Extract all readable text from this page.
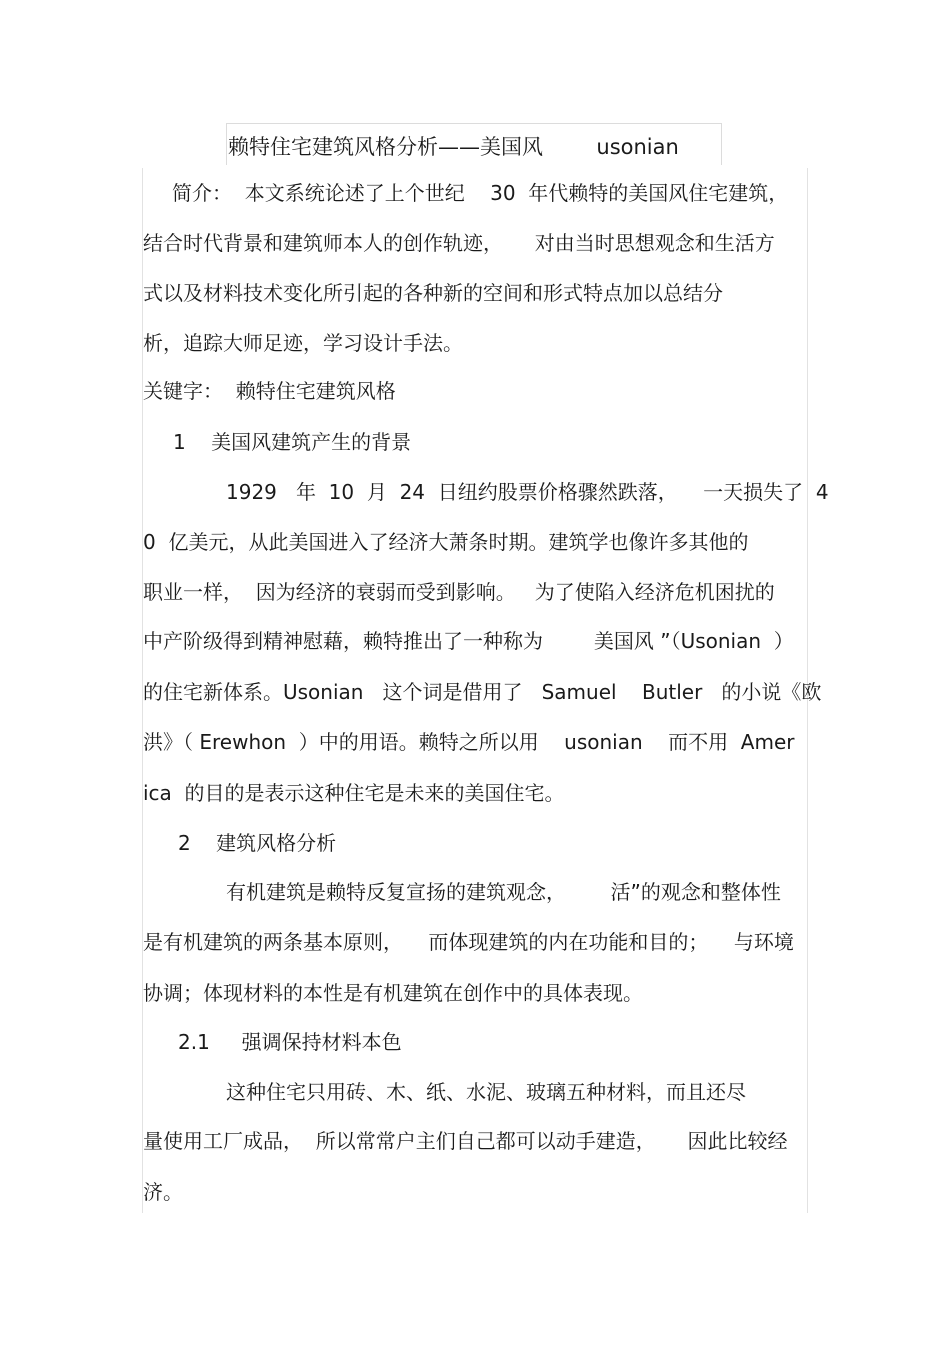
赖特住宅建筑风格分析——美国风        usonian
简介：  本文系统论述了上个世纪    30  年代赖特的美国风住宅建筑，
结合时代背景和建筑师本人的创作轨迹，     对由当时思想观念和生活方
式以及材料技术变化所引起的各种新的空间和形式特点加以总结分
析，追踪大师足迹，学习设计手法。
关键字：  赖特住宅建筑风格
1    美国风建筑产生的背景
1929   年  10  月  24  日纽约股票价格骤然跌落，    一天损失了  4
0  亿美元，从此美国进入了经济大萧条时期。建筑学也像许多其他的
职业一样，  因为经济的衰弱而受到影响。   为了使陷入经济危机困扰的
中产阶级得到精神慰藉，赖特推出了一种称为        美国风 ”（Usonian  ）
的住宅新体系。Usonian   这个词是借用了   Samuel    Butler   的小说《欧
洪》（ Erewhon  ）中的用语。赖特之所以用    usonian    而不用  Amer
ica  的目的是表示这种住宅是未来的美国住宅。
2    建筑风格分析
有机建筑是赖特反复宣扬的建筑观念，       活”的观念和整体性
是有机建筑的两条基本原则，    而体现建筑的内在功能和目的；    与环境
协调；体现材料的本性是有机建筑在创作中的具体表现。
2.1     强调保持材料本色
这种住宅只用砖、木、纸、水泥、玻璃五种材料，而且还尽
量使用工厂成品，  所以常常户主们自己都可以动手建造，     因此比较经
济。
